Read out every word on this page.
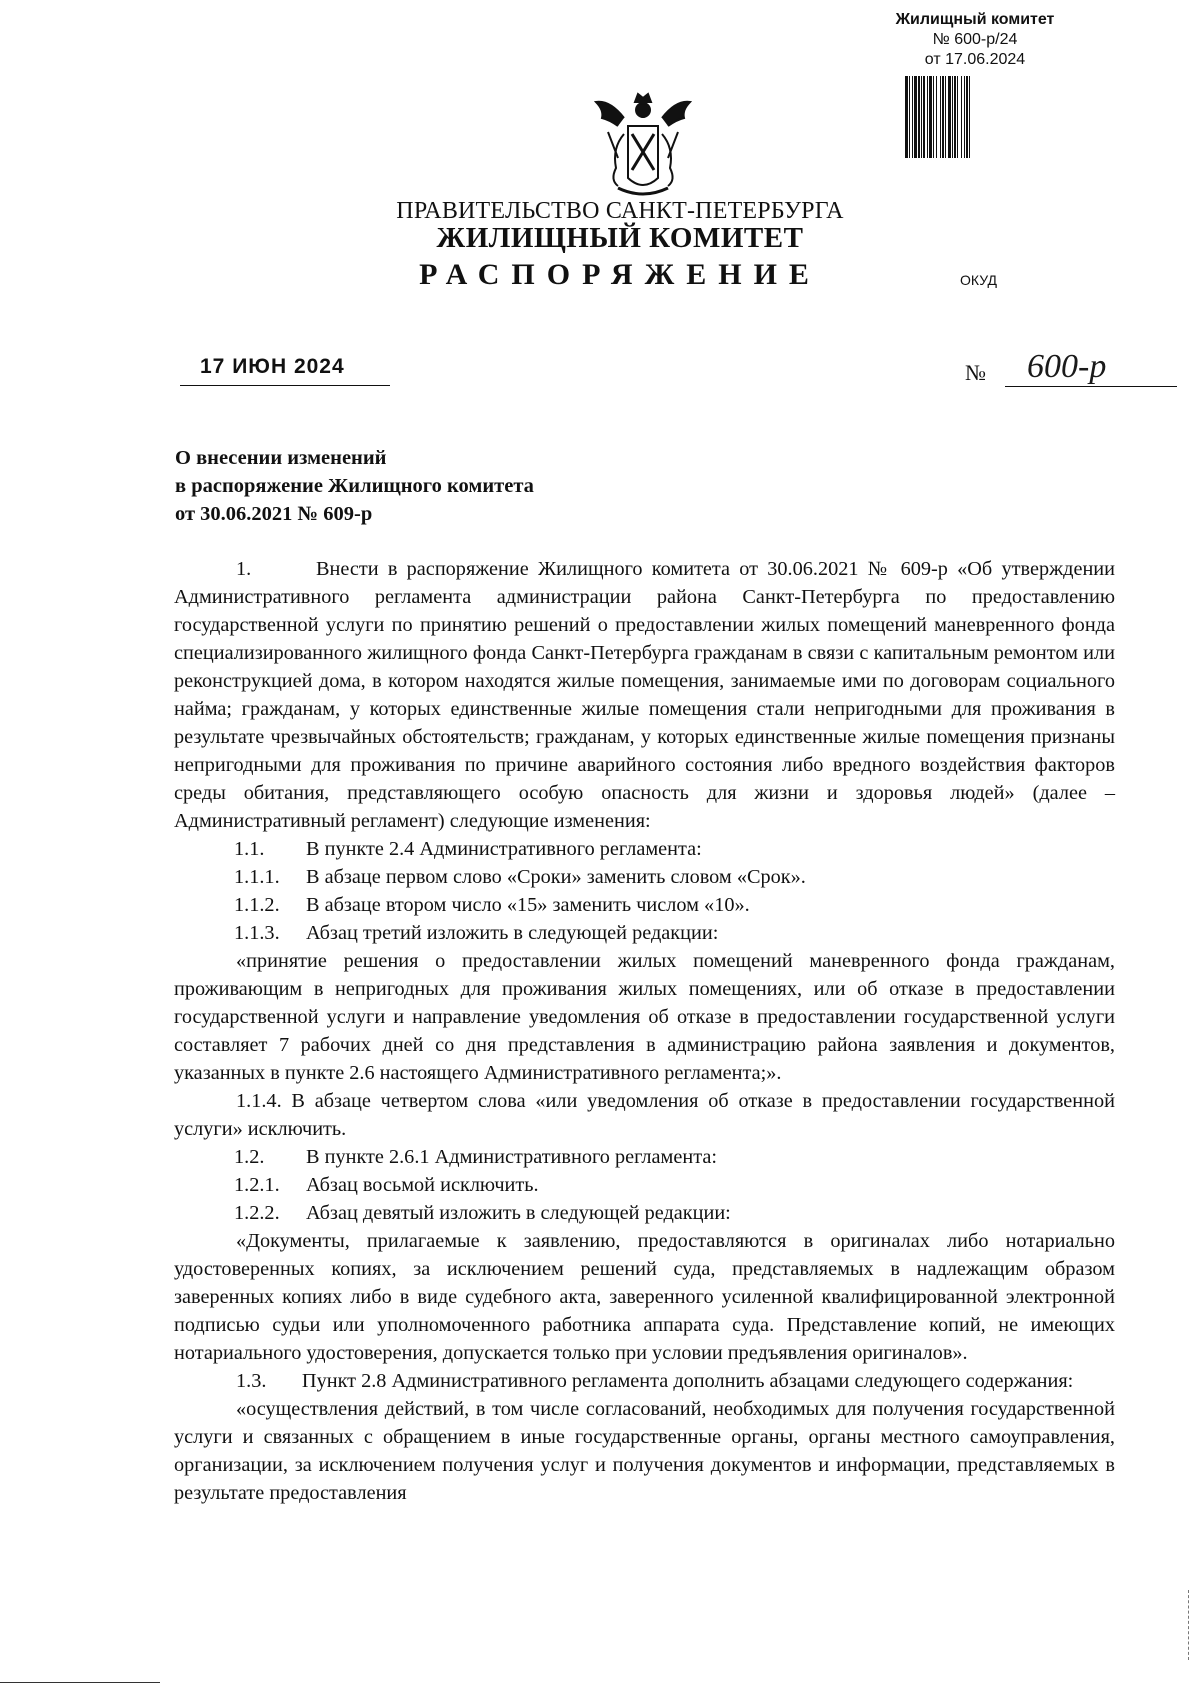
Жилищный комитет
№ 600-р/24
от 17.06.2024
ПРАВИТЕЛЬСТВО САНКТ-ПЕТЕРБУРГА
ЖИЛИЩНЫЙ КОМИТЕТ
РАСПОРЯЖЕНИЕ	ОКУД
17 ИЮН 2024	№	600-р
О внесении изменений
в распоряжение Жилищного комитета
от 30.06.2021 № 609-р

1.	Внести в распоряжение Жилищного комитета от 30.06.2021 № 609-р «Об утверждении Административного регламента администрации района Санкт-Петербурга по предоставлению государственной услуги по принятию решений о предоставлении жилых помещений маневренного фонда специализированного жилищного фонда Санкт-Петербурга гражданам в связи с капитальным ремонтом или реконструкцией дома, в котором находятся жилые помещения, занимаемые ими по договорам социального найма; гражданам, у которых единственные жилые помещения стали непригодными для проживания в результате чрезвычайных обстоятельств; гражданам, у которых единственные жилые помещения признаны непригодными для проживания по причине аварийного состояния либо вредного воздействия факторов среды обитания, представляющего особую опасность для жизни и здоровья людей» (далее – Административный регламент) следующие изменения:

1.1. В пункте 2.4 Административного регламента:

1.1.1. В абзаце первом слово «Сроки» заменить словом «Срок».

1.1.2. В абзаце втором число «15» заменить числом «10».

1.1.3. Абзац третий изложить в следующей редакции:

«принятие решения о предоставлении жилых помещений маневренного фонда гражданам, проживающим в непригодных для проживания жилых помещениях, или об отказе в предоставлении государственной услуги и направление уведомления об отказе в предоставлении государственной услуги составляет 7 рабочих дней со дня представления в администрацию района заявления и документов, указанных в пункте 2.6 настоящего Административного регламента;».

1.1.4. В абзаце четвертом слова «или уведомления об отказе в предоставлении государственной услуги» исключить.

1.2. В пункте 2.6.1 Административного регламента:

1.2.1. Абзац восьмой исключить.

1.2.2. Абзац девятый изложить в следующей редакции:

«Документы, прилагаемые к заявлению, предоставляются в оригиналах либо нотариально удостоверенных копиях, за исключением решений суда, представляемых в надлежащим образом заверенных копиях либо в виде судебного акта, заверенного усиленной квалифицированной электронной подписью судьи или уполномоченного работника аппарата суда. Представление копий, не имеющих нотариального удостоверения, допускается только при условии предъявления оригиналов».

1.3. Пункт 2.8 Административного регламента дополнить абзацами следующего содержания:

«осуществления действий, в том числе согласований, необходимых для получения государственной услуги и связанных с обращением в иные государственные органы, органы местного самоуправления, организации, за исключением получения услуг и получения документов и информации, представляемых в результате предоставления
